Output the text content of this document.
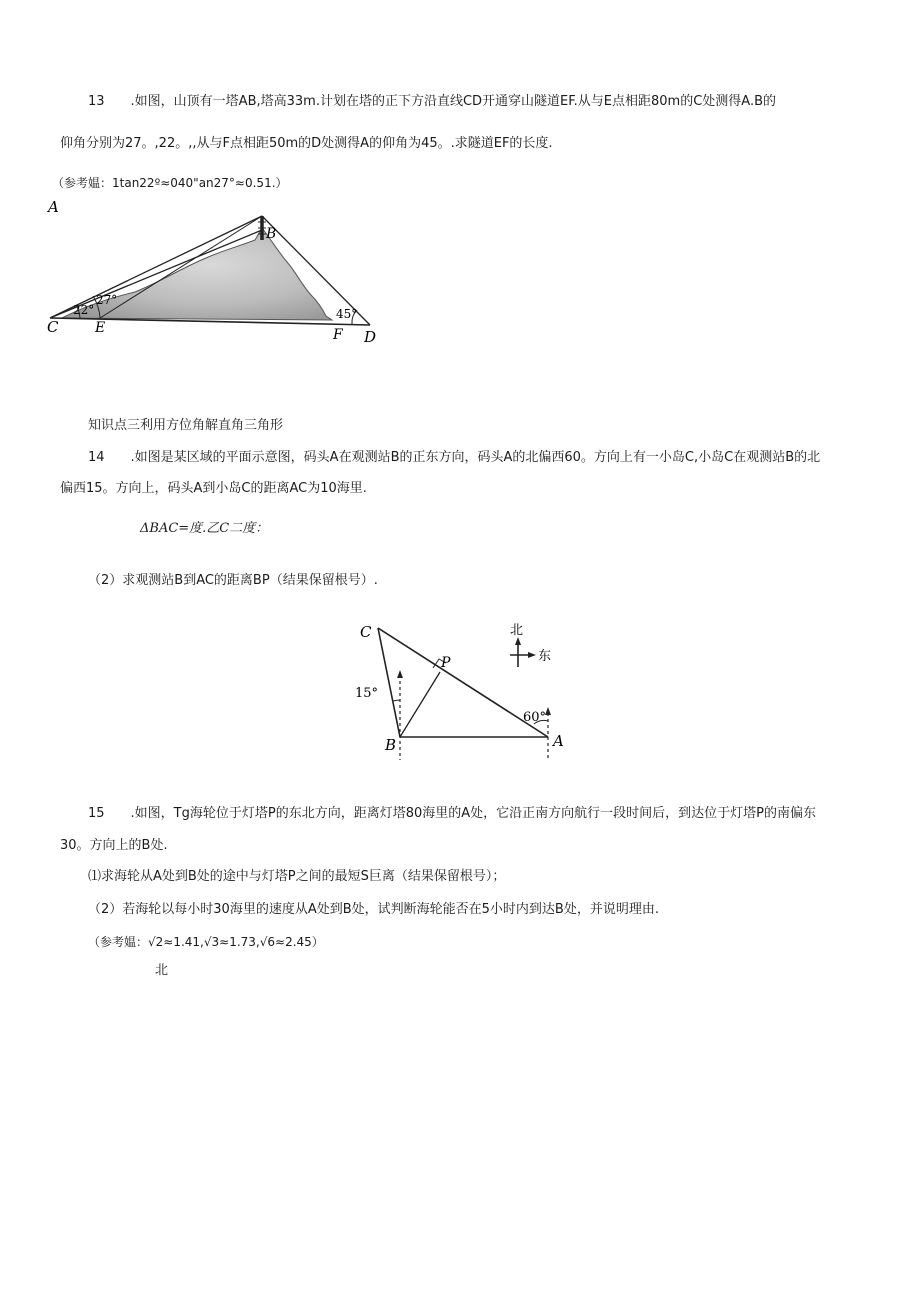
13　　.如图，山顶有一塔AB,塔高33m.计划在塔的正下方沿直线CD开通穿山隧道EF.从与E点相距80m的C处测得A.B的
仰角分别为27。,22。,,从与F点相距50m的D处测得A的仰角为45。.求隧道EF的长度.
（参考媪：1tan22º≈040"an27°≈0.51.）
A
B
C	E	F D
22°
27°
45°
知识点三利用方位角解直角三角形
14　　.如图是某区域的平面示意图，码头A在观测站B的正东方向，码头A的北偏西60。方向上有一小岛C,小岛C在观测站B的北
偏西15。方向上，码头A到小岛C的距离AC为10海里.
ΔBAC=度.乙C二度：
（2）求观测站B到AC的距离BP（结果保留根号）.
北
东
C
P
B	A
15°
60°
15　　.如图，Tg海轮位于灯塔P的东北方向，距离灯塔80海里的A处，它沿正南方向航行一段时间后，到达位于灯塔P的南偏东
30。方向上的B处.
⑴求海轮从A处到B处的途中与灯塔P之间的最短S巨离（结果保留根号）；
（2）若海轮以每小时30海里的速度从A处到B处，试判断海轮能否在5小时内到达B处，并说明理由.
（参考媪：√2≈1.41,√3≈1.73,√6≈2.45）
北
